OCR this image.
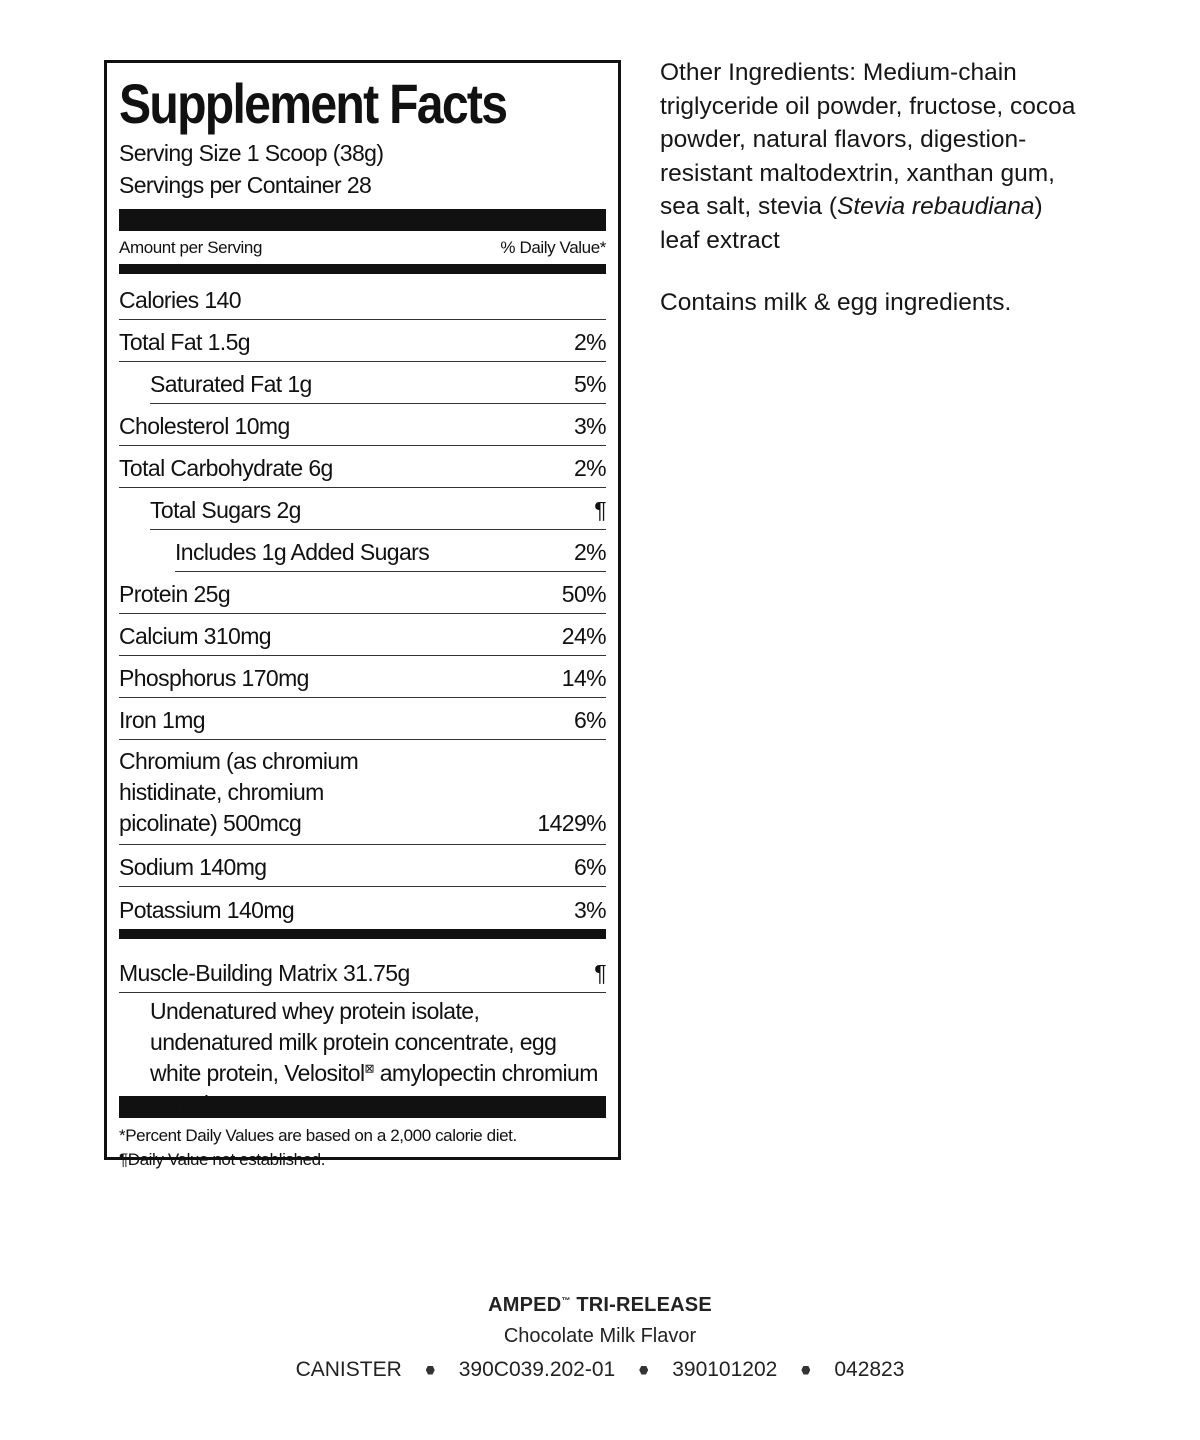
Supplement Facts
Serving Size 1 Scoop (38g)
Servings per Container 28
Amount per Serving	% Daily Value*
Calories 140
Total Fat 1.5g	2%
Saturated Fat 1g	5%
Cholesterol 10mg	3%
Total Carbohydrate 6g	2%
Total Sugars 2g	¶
Includes 1g Added Sugars	2%
Protein 25g	50%
Calcium 310mg	24%
Phosphorus 170mg	14%
Iron 1mg	6%
Chromium (as chromium histidinate, chromium picolinate) 500mcg	1429%
Sodium 140mg	6%
Potassium 140mg	3%
Muscle-Building Matrix 31.75g	¶
Undenatured whey protein isolate, undenatured milk protein concentrate, egg white protein, Velositol⊠ amylopectin chromium complex
*Percent Daily Values are based on a 2,000 calorie diet.
¶Daily Value not established.

Other Ingredients: Medium-chain triglyceride oil powder, fructose, cocoa powder, natural flavors, digestion-resistant maltodextrin, xanthan gum, sea salt, stevia (Stevia rebaudiana) leaf extract

Contains milk & egg ingredients.

AMPED™ TRI-RELEASE
Chocolate Milk Flavor
CANISTER	390C039.202-01	390101202	042823
